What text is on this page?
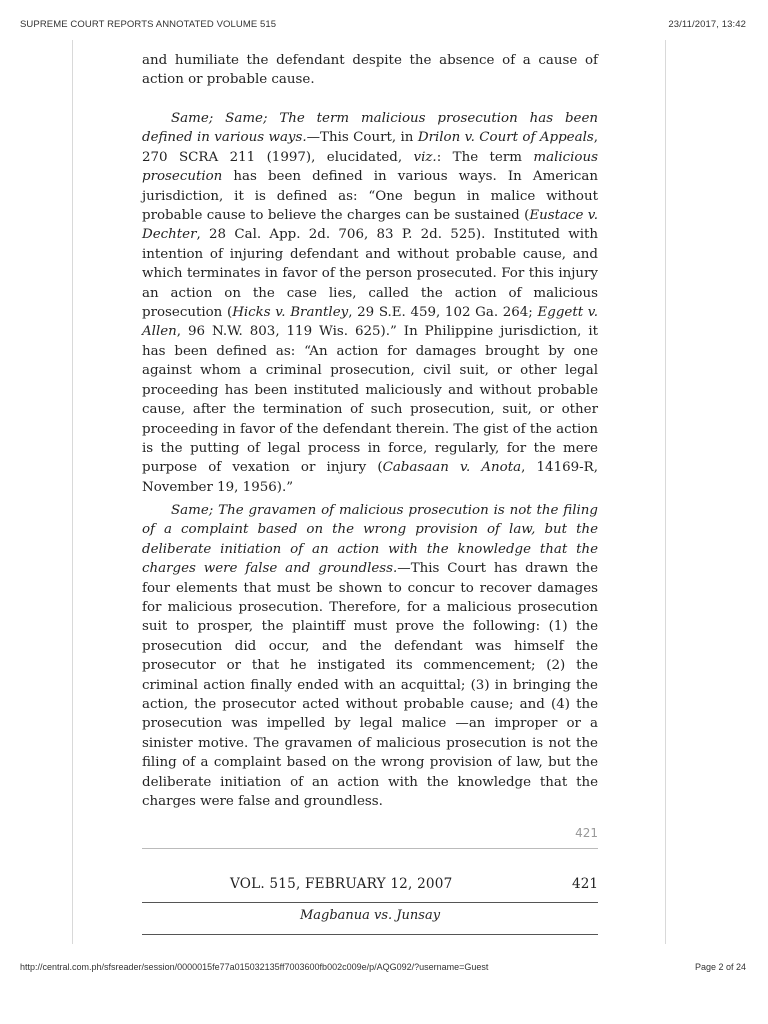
SUPREME COURT REPORTS ANNOTATED VOLUME 515	23/11/2017, 13:42

and humiliate the defendant despite the absence of a cause of action or probable cause.

Same; Same; The term malicious prosecution has been defined in various ways.—This Court, in Drilon v. Court of Appeals, 270 SCRA 211 (1997), elucidated, viz.: The term malicious prosecution has been defined in various ways. In American jurisdiction, it is defined as: “One begun in malice without probable cause to believe the charges can be sustained (Eustace v. Dechter, 28 Cal. App. 2d. 706, 83 P. 2d. 525). Instituted with intention of injuring defendant and without probable cause, and which terminates in favor of the person prosecuted. For this injury an action on the case lies, called the action of malicious prosecution (Hicks v. Brantley, 29 S.E. 459, 102 Ga. 264; Eggett v. Allen, 96 N.W. 803, 119 Wis. 625).” In Philippine jurisdiction, it has been defined as: “An action for damages brought by one against whom a criminal prosecution, civil suit, or other legal proceeding has been instituted maliciously and without probable cause, after the termination of such prosecution, suit, or other proceeding in favor of the defendant therein. The gist of the action is the putting of legal process in force, regularly, for the mere purpose of vexation or injury (Cabasaan v. Anota, 14169-R, November 19, 1956).”

Same; The gravamen of malicious prosecution is not the filing of a complaint based on the wrong provision of law, but the deliberate initiation of an action with the knowledge that the charges were false and groundless.—This Court has drawn the four elements that must be shown to concur to recover damages for malicious prosecution. Therefore, for a malicious prosecution suit to prosper, the plaintiff must prove the following: (1) the prosecution did occur, and the defendant was himself the prosecutor or that he instigated its commencement; (2) the criminal action finally ended with an acquittal; (3) in bringing the action, the prosecutor acted without probable cause; and (4) the prosecution was impelled by legal malice —an improper or a sinister motive. The gravamen of malicious prosecution is not the filing of a complaint based on the wrong provision of law, but the deliberate initiation of an action with the knowledge that the charges were false and groundless.

421
VOL. 515, FEBRUARY 12, 2007	421
Magbanua vs. Junsay
http://central.com.ph/sfsreader/session/0000015fe77a015032135ff7003600fb002c009e/p/AQG092/?username=Guest	Page 2 of 24
